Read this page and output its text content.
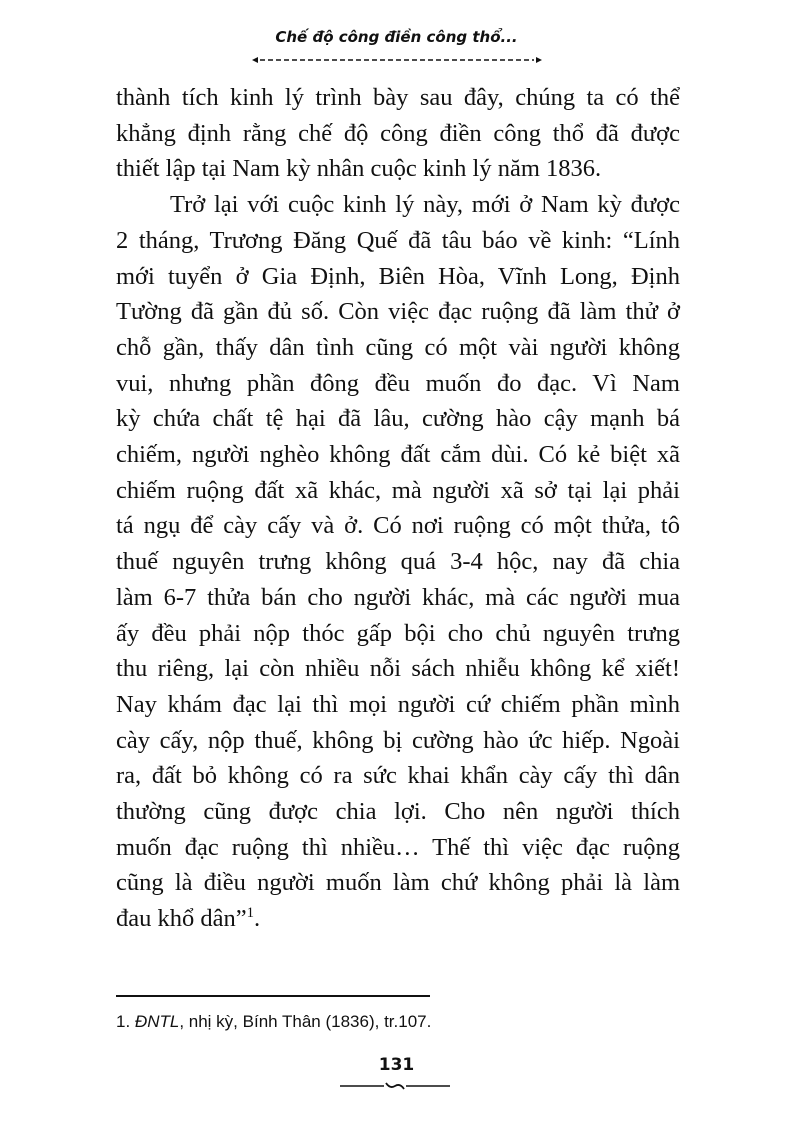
Chế độ công điền công thổ...
thành tích kinh lý trình bày sau đây, chúng ta có thể
khẳng định rằng chế độ công điền công thổ đã được
thiết lập tại Nam kỳ nhân cuộc kinh lý năm 1836.
Trở lại với cuộc kinh lý này, mới ở Nam kỳ được
2 tháng, Trương Đăng Quế đã tâu báo về kinh: “Lính
mới tuyển ở Gia Định, Biên Hòa, Vĩnh Long, Định
Tường đã gần đủ số. Còn việc đạc ruộng đã làm thử ở
chỗ gần, thấy dân tình cũng có một vài người không
vui, nhưng phần đông đều muốn đo đạc. Vì Nam
kỳ chứa chất tệ hại đã lâu, cường hào cậy mạnh bá
chiếm, người nghèo không đất cắm dùi. Có kẻ biệt xã
chiếm ruộng đất xã khác, mà người xã sở tại lại phải
tá ngụ để cày cấy và ở. Có nơi ruộng có một thửa, tô
thuế nguyên trưng không quá 3-4 hộc, nay đã chia
làm 6-7 thửa bán cho người khác, mà các người mua
ấy đều phải nộp thóc gấp bội cho chủ nguyên trưng
thu riêng, lại còn nhiều nỗi sách nhiễu không kể xiết!
Nay khám đạc lại thì mọi người cứ chiếm phần mình
cày cấy, nộp thuế, không bị cường hào ức hiếp. Ngoài
ra, đất bỏ không có ra sức khai khẩn cày cấy thì dân
thường cũng được chia lợi. Cho nên người thích
muốn đạc ruộng thì nhiều… Thế thì việc đạc ruộng
cũng là điều người muốn làm chứ không phải là làm
đau khổ dân”$^1$.
1. ĐNTL, nhị kỳ, Bính Thân (1836), tr.107.
131
